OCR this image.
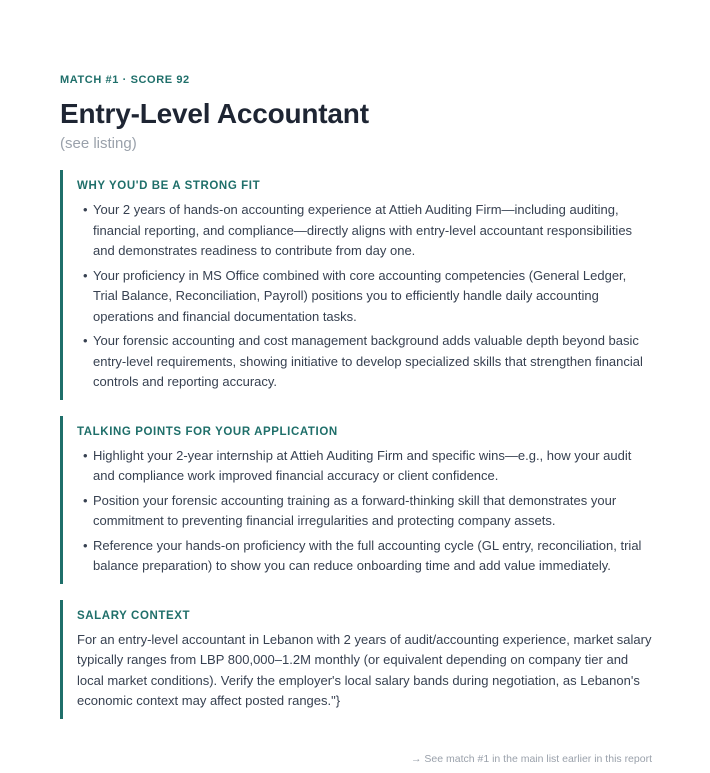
MATCH #1 · SCORE 92
Entry-Level Accountant
(see listing)
WHY YOU'D BE A STRONG FIT
• Your 2 years of hands-on accounting experience at Attieh Auditing Firm—including auditing, financial reporting, and compliance—directly aligns with entry-level accountant responsibilities and demonstrates readiness to contribute from day one.
• Your proficiency in MS Office combined with core accounting competencies (General Ledger, Trial Balance, Reconciliation, Payroll) positions you to efficiently handle daily accounting operations and financial documentation tasks.
• Your forensic accounting and cost management background adds valuable depth beyond basic entry-level requirements, showing initiative to develop specialized skills that strengthen financial controls and reporting accuracy.
TALKING POINTS FOR YOUR APPLICATION
• Highlight your 2-year internship at Attieh Auditing Firm and specific wins—e.g., how your audit and compliance work improved financial accuracy or client confidence.
• Position your forensic accounting training as a forward-thinking skill that demonstrates your commitment to preventing financial irregularities and protecting company assets.
• Reference your hands-on proficiency with the full accounting cycle (GL entry, reconciliation, trial balance preparation) to show you can reduce onboarding time and add value immediately.
SALARY CONTEXT

For an entry-level accountant in Lebanon with 2 years of audit/accounting experience, market salary typically ranges from LBP 800,000–1.2M monthly (or equivalent depending on company tier and local market conditions). Verify the employer's local salary bands during negotiation, as Lebanon's economic context may affect posted ranges."}

→ See match #1 in the main list earlier in this report
